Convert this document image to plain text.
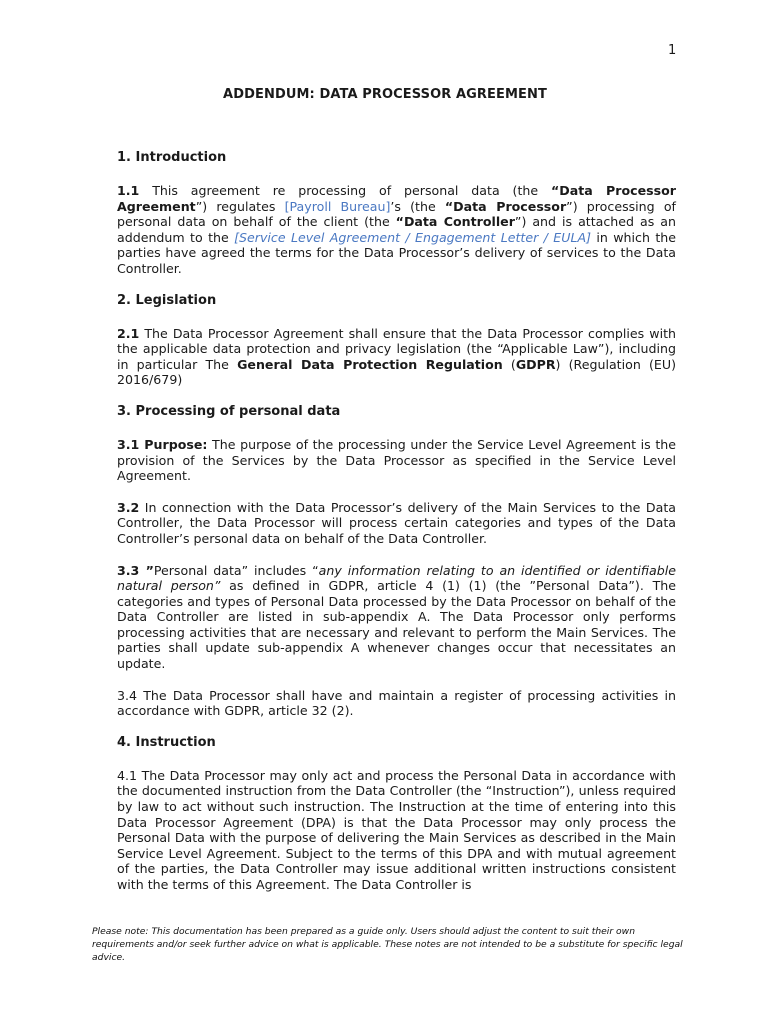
1
ADDENDUM: DATA PROCESSOR AGREEMENT
1. Introduction

1.1 This agreement re processing of personal data (the “Data Processor Agreement”) regulates [Payroll Bureau]’s (the “Data Processor”) processing of personal data on behalf of the client (the “Data Controller”) and is attached as an addendum to the [Service Level Agreement / Engagement Letter / EULA] in which the parties have agreed the terms for the Data Processor’s delivery of services to the Data Controller.

2. Legislation

2.1 The Data Processor Agreement shall ensure that the Data Processor complies with the applicable data protection and privacy legislation (the “Applicable Law”), including in particular The General Data Protection Regulation (GDPR) (Regulation (EU) 2016/679)

3. Processing of personal data

3.1 Purpose: The purpose of the processing under the Service Level Agreement is the provision of the Services by the Data Processor as specified in the Service Level Agreement.

3.2 In connection with the Data Processor’s delivery of the Main Services to the Data Controller, the Data Processor will process certain categories and types of the Data Controller’s personal data on behalf of the Data Controller.

3.3 ”Personal data” includes “any information relating to an identified or identifiable natural person” as defined in GDPR, article 4 (1) (1) (the ”Personal Data”). The categories and types of Personal Data processed by the Data Processor on behalf of the Data Controller are listed in sub-appendix A. The Data Processor only performs processing activities that are necessary and relevant to perform the Main Services. The parties shall update sub-appendix A whenever changes occur that necessitates an update.

3.4 The Data Processor shall have and maintain a register of processing activities in accordance with GDPR, article 32 (2).

4. Instruction

4.1 The Data Processor may only act and process the Personal Data in accordance with the documented instruction from the Data Controller (the “Instruction”), unless required by law to act without such instruction. The Instruction at the time of entering into this Data Processor Agreement (DPA) is that the Data Processor may only process the Personal Data with the purpose of delivering the Main Services as described in the Main Service Level Agreement. Subject to the terms of this DPA and with mutual agreement of the parties, the Data Controller may issue additional written instructions consistent with the terms of this Agreement. The Data Controller is

Please note: This documentation has been prepared as a guide only. Users should adjust the content to suit their own requirements and/or seek further advice on what is applicable. These notes are not intended to be a substitute for specific legal advice.
